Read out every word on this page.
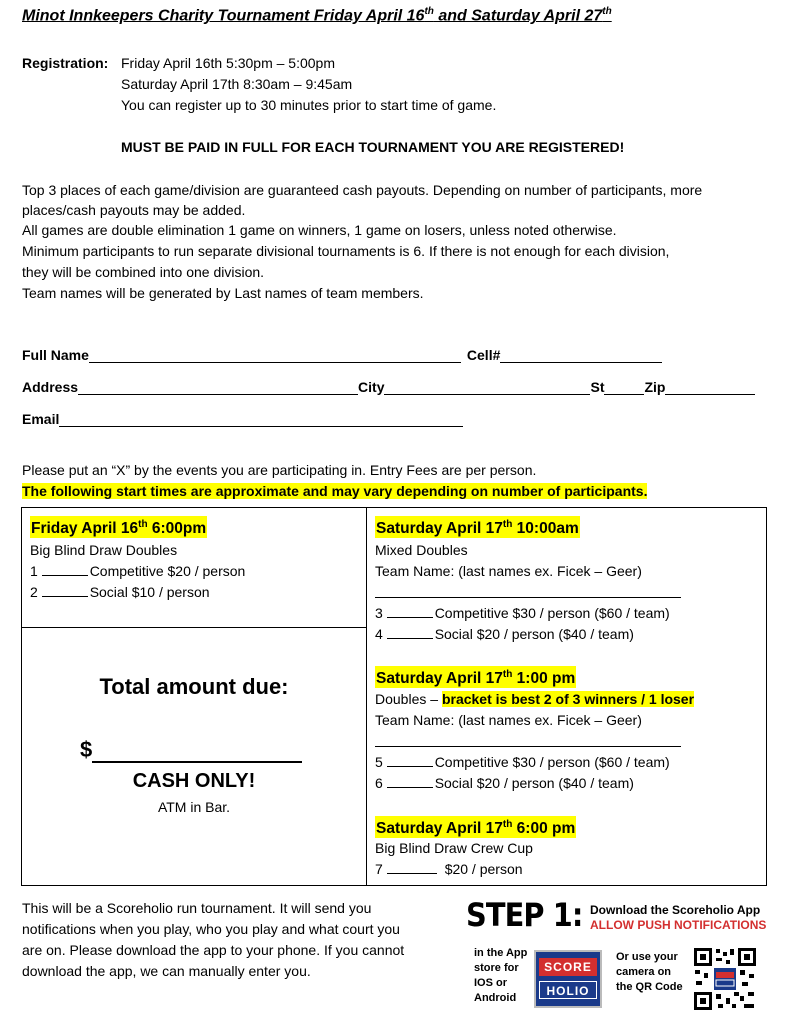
Minot Innkeepers Charity Tournament Friday April 16th and Saturday April 27th
Registration: Friday April 16th 5:30pm – 5:00pm
Saturday April 17th 8:30am – 9:45am
You can register up to 30 minutes prior to start time of game.
MUST BE PAID IN FULL FOR EACH TOURNAMENT YOU ARE REGISTERED!
Top 3 places of each game/division are guaranteed cash payouts. Depending on number of participants, more
places/cash payouts may be added.
All games are double elimination 1 game on winners, 1 game on losers, unless noted otherwise.
Minimum participants to run separate divisional tournaments is 6. If there is not enough for each division,
they will be combined into one division.
Team names will be generated by Last names of team members.
Full Name	Cell#
Address	City	St	Zip
Email
Please put an “X” by the events you are participating in. Entry Fees are per person.
The following start times are approximate and may vary depending on number of participants.
Friday April 16th 6:00pm
Big Blind Draw Doubles
1	Competitive $20 / person
2	Social $10 / person
Total amount due:
$
CASH ONLY!
ATM in Bar.
Saturday April 17th 10:00am
Mixed Doubles
Team Name: (last names ex. Ficek – Geer)
3	Competitive $30 / person ($60 / team)
4	Social $20 / person ($40 / team)
Saturday April 17th 1:00 pm
Doubles – bracket is best 2 of 3 winners / 1 loser
Team Name: (last names ex. Ficek – Geer)
5	Competitive $30 / person ($60 / team)
6	Social $20 / person ($40 / team)
Saturday April 17th 6:00 pm
Big Blind Draw Crew Cup
7	$20 / person
This will be a Scoreholio run tournament. It will send you
notifications when you play, who you play and what court you
are on. Please download the app to your phone. If you cannot
download the app, we can manually enter you.
STEP 1: Download the Scoreholio App
ALLOW PUSH NOTIFICATIONS
in the App
store for
IOS or
Android
SCORE
HOLIO
Or use your
camera on
the QR Code
